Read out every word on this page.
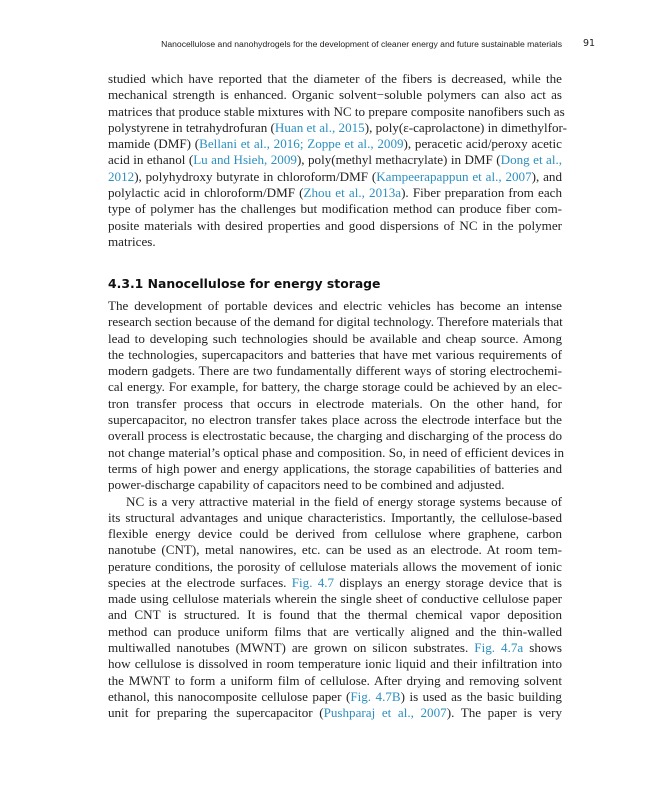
Nanocellulose and nanohydrogels for the development of cleaner energy and future sustainable materials 91
studied which have reported that the diameter of the fibers is decreased, while the
mechanical strength is enhanced. Organic solvent−soluble polymers can also act as
matrices that produce stable mixtures with NC to prepare composite nanofibers such as
polystyrene in tetrahydrofuran (Huan et al., 2015), poly(ε-caprolactone) in dimethylfor-
mamide (DMF) (Bellani et al., 2016; Zoppe et al., 2009), peracetic acid/peroxy acetic
acid in ethanol (Lu and Hsieh, 2009), poly(methyl methacrylate) in DMF (Dong et al.,
2012), polyhydroxy butyrate in chloroform/DMF (Kampeerapappun et al., 2007), and
polylactic acid in chloroform/DMF (Zhou et al., 2013a). Fiber preparation from each
type of polymer has the challenges but modification method can produce fiber com-
posite materials with desired properties and good dispersions of NC in the polymer
matrices.
4.3.1 Nanocellulose for energy storage
The development of portable devices and electric vehicles has become an intense
research section because of the demand for digital technology. Therefore materials that
lead to developing such technologies should be available and cheap source. Among
the technologies, supercapacitors and batteries that have met various requirements of
modern gadgets. There are two fundamentally different ways of storing electrochemi-
cal energy. For example, for battery, the charge storage could be achieved by an elec-
tron transfer process that occurs in electrode materials. On the other hand, for
supercapacitor, no electron transfer takes place across the electrode interface but the
overall process is electrostatic because, the charging and discharging of the process do
not change material’s optical phase and composition. So, in need of efficient devices in
terms of high power and energy applications, the storage capabilities of batteries and
power-discharge capability of capacitors need to be combined and adjusted.
NC is a very attractive material in the field of energy storage systems because of
its structural advantages and unique characteristics. Importantly, the cellulose-based
flexible energy device could be derived from cellulose where graphene, carbon
nanotube (CNT), metal nanowires, etc. can be used as an electrode. At room tem-
perature conditions, the porosity of cellulose materials allows the movement of ionic
species at the electrode surfaces. Fig. 4.7 displays an energy storage device that is
made using cellulose materials wherein the single sheet of conductive cellulose paper
and CNT is structured. It is found that the thermal chemical vapor deposition
method can produce uniform films that are vertically aligned and the thin-walled
multiwalled nanotubes (MWNT) are grown on silicon substrates. Fig. 4.7a shows
how cellulose is dissolved in room temperature ionic liquid and their infiltration into
the MWNT to form a uniform film of cellulose. After drying and removing solvent
ethanol, this nanocomposite cellulose paper (Fig. 4.7B) is used as the basic building
unit for preparing the supercapacitor (Pushparaj et al., 2007). The paper is very
